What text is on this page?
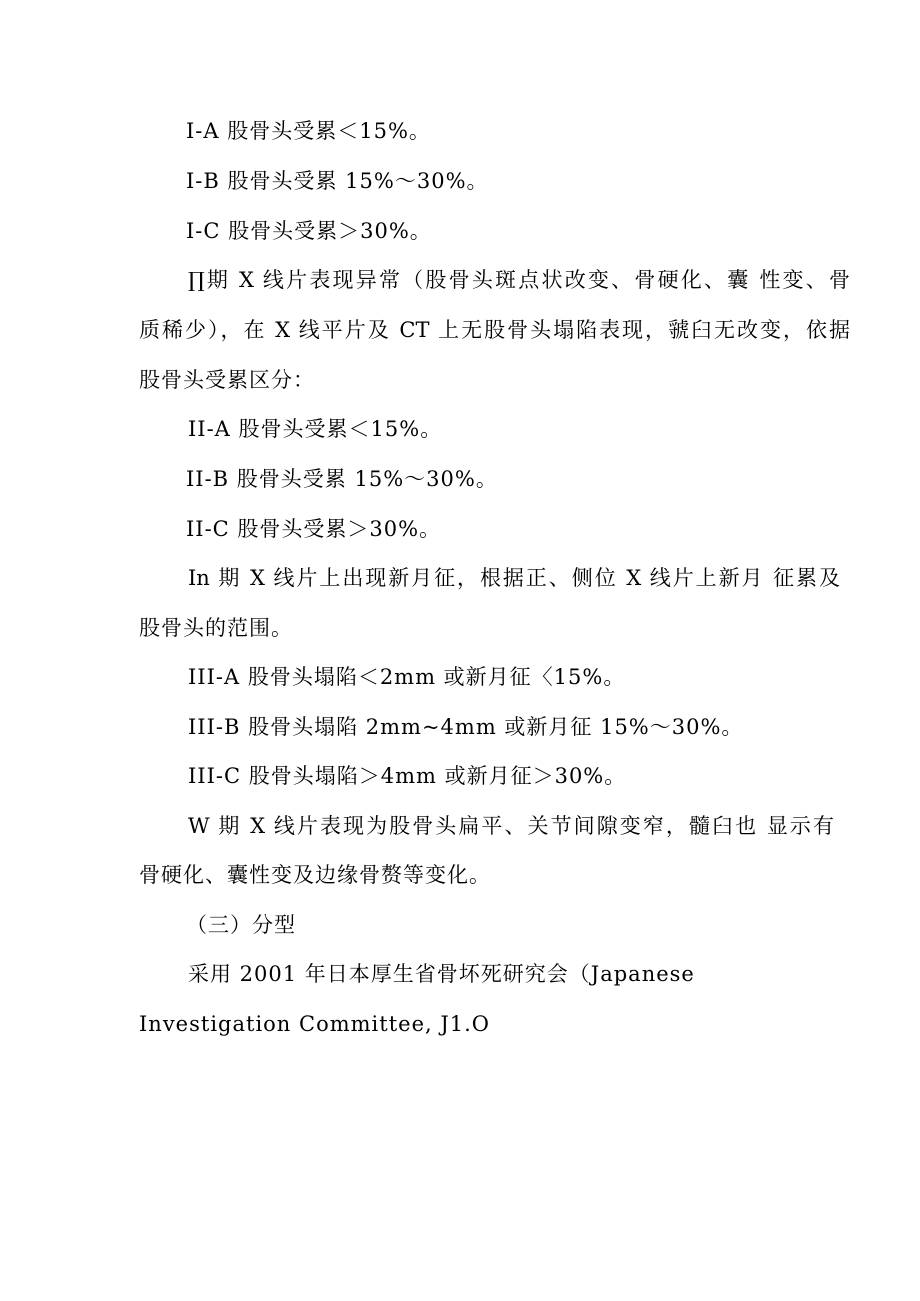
I-A 股骨头受累＜15%。
I-B 股骨头受累 15%～30%。
I-C 股骨头受累＞30%。
∏期 X 线片表现异常（股骨头斑点状改变、骨硬化、囊 性变、骨
质稀少），在 X 线平片及 CT 上无股骨头塌陷表现，虢臼无改变，依据
股骨头受累区分：
II-A 股骨头受累＜15%。
II-B 股骨头受累 15%～30%。
II-C 股骨头受累＞30%。
In 期 X 线片上出现新月征，根据正、侧位 X 线片上新月 征累及
股骨头的范围。
III-A 股骨头塌陷＜2mm 或新月征〈15%。
III-B 股骨头塌陷 2mm~4mm 或新月征 15%～30%。
III-C 股骨头塌陷＞4mm 或新月征＞30%。
W 期 X 线片表现为股骨头扁平、关节间隙变窄，髓臼也 显示有
骨硬化、囊性变及边缘骨赘等变化。
（三）分型
采用 2001 年日本厚生省骨坏死研究会（Japanese
Investigation Committee, J1.O
